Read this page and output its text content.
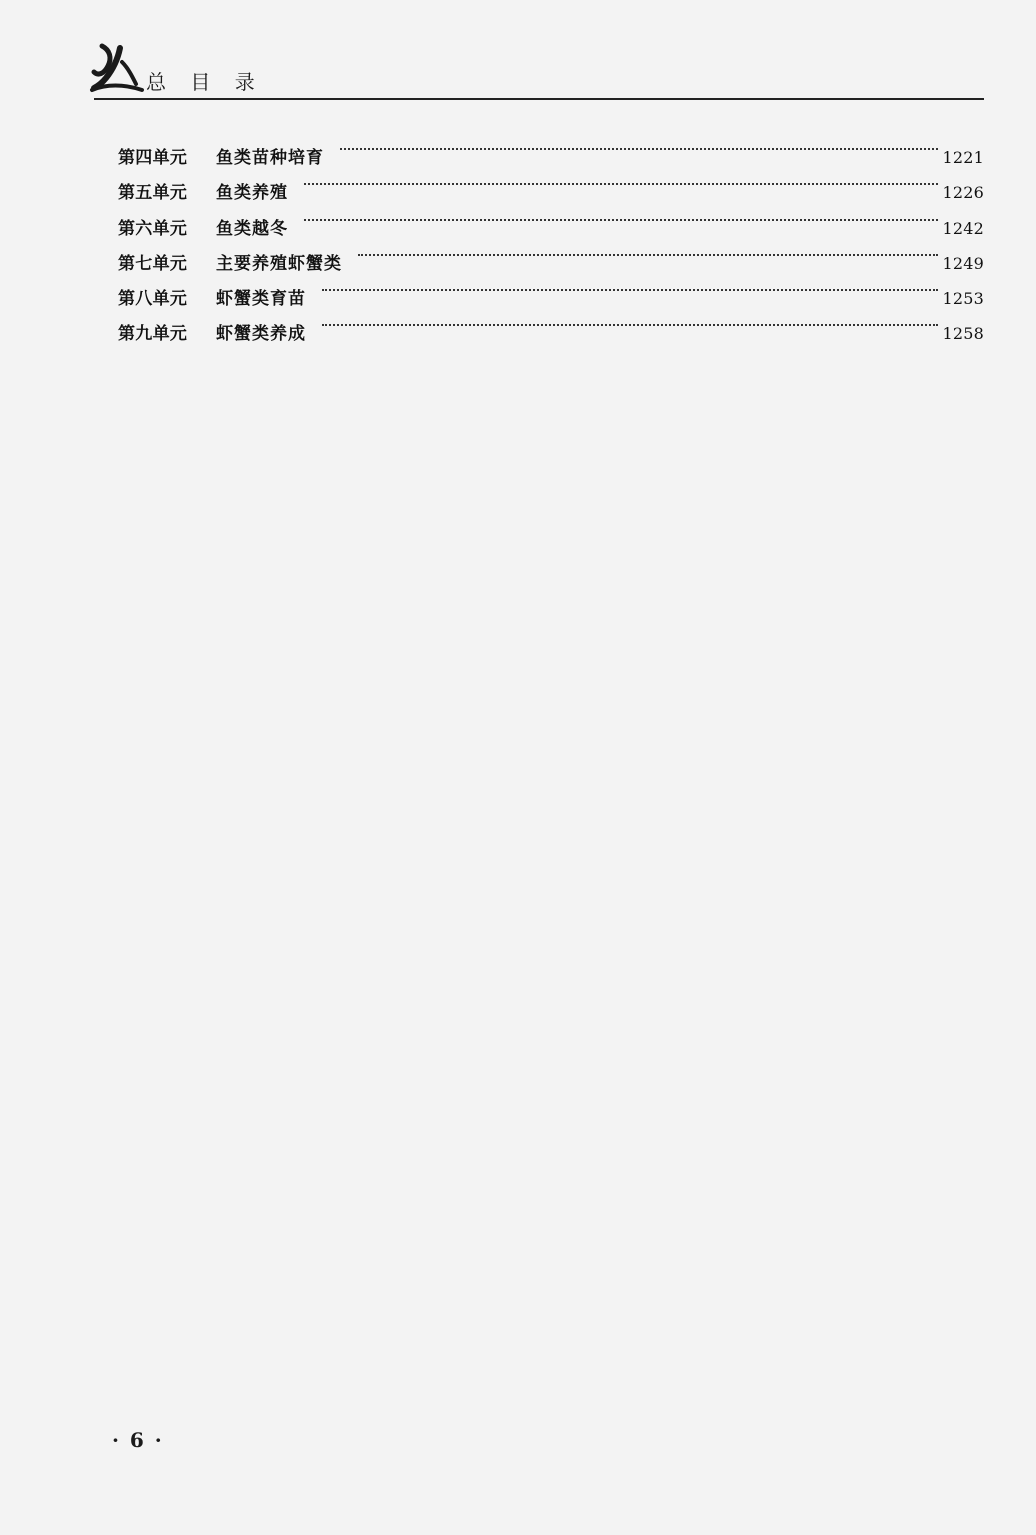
总 目 录
第四单元	鱼类苗种培育	1221
第五单元	鱼类养殖	1226
第六单元	鱼类越冬	1242
第七单元	主要养殖虾蟹类	1249
第八单元	虾蟹类育苗	1253
第九单元	虾蟹类养成	1258
· 6 ·
